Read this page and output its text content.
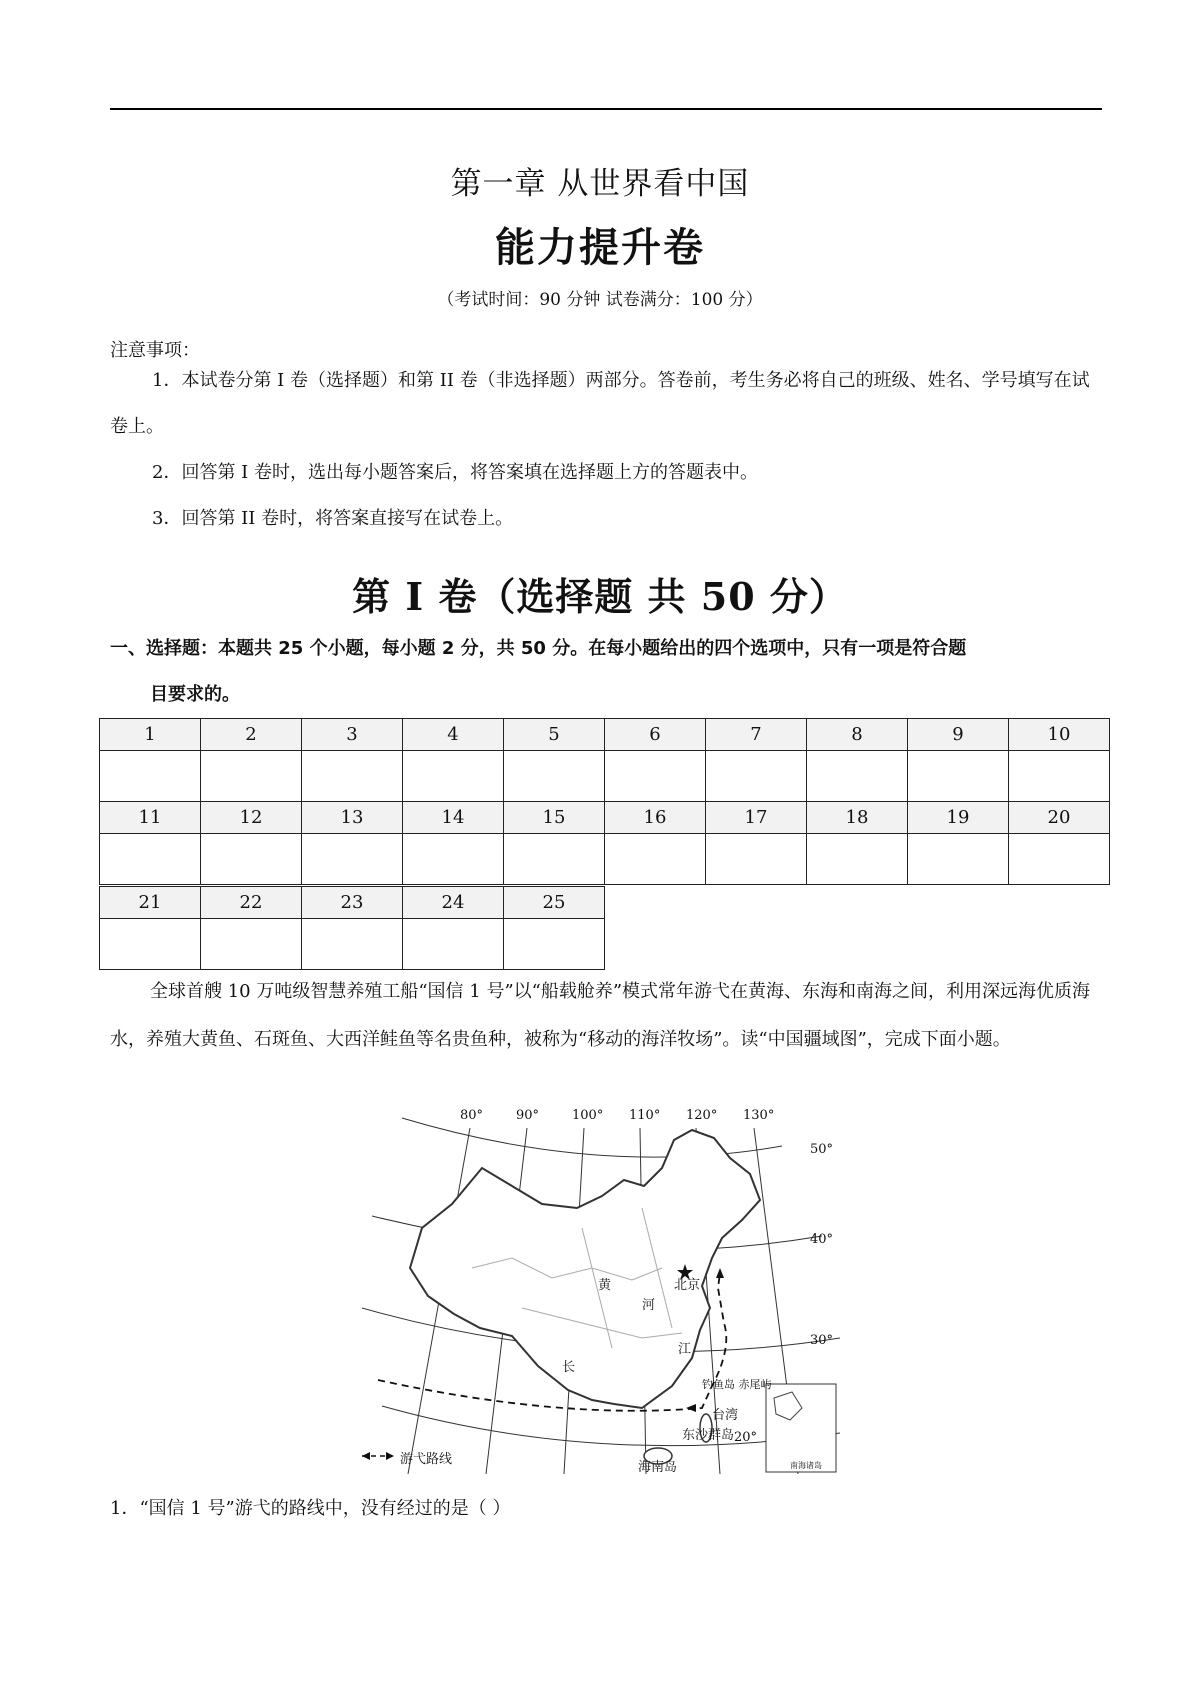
第一章 从世界看中国
能力提升卷
（考试时间：90 分钟 试卷满分：100 分）
注意事项：
1．本试卷分第 I 卷（选择题）和第 II 卷（非选择题）两部分。答卷前，考生务必将自己的班级、姓名、学号填写在试卷上。
2．回答第 I 卷时，选出每小题答案后，将答案填在选择题上方的答题表中。
3．回答第 II 卷时，将答案直接写在试卷上。
第 I 卷（选择题 共 50 分）
一、选择题：本题共 25 个小题，每小题 2 分，共 50 分。在每小题给出的四个选项中，只有一项是符合题
目要求的。
1	2	3	4	5	6	7	8	9	10

11	12	13	14	15	16	17	18	19	20

21	22	23	24	25

全球首艘 10 万吨级智慧养殖工船“国信 1 号”以“船载舱养”模式常年游弋在黄海、东海和南海之间，利用深远海优质海水，养殖大黄鱼、石斑鱼、大西洋鲑鱼等名贵鱼种，被称为“移动的海洋牧场”。读“中国疆域图”，完成下面小题。
80°	90°	100° 110° 120° 130°
50°
40°
30°
20°
北京
黄
河
长
江
钓鱼岛 赤尾屿
台湾
东沙群岛
海南岛	南海诸岛
游弋路线
1．“国信 1 号”游弋的路线中，没有经过的是（ ）
